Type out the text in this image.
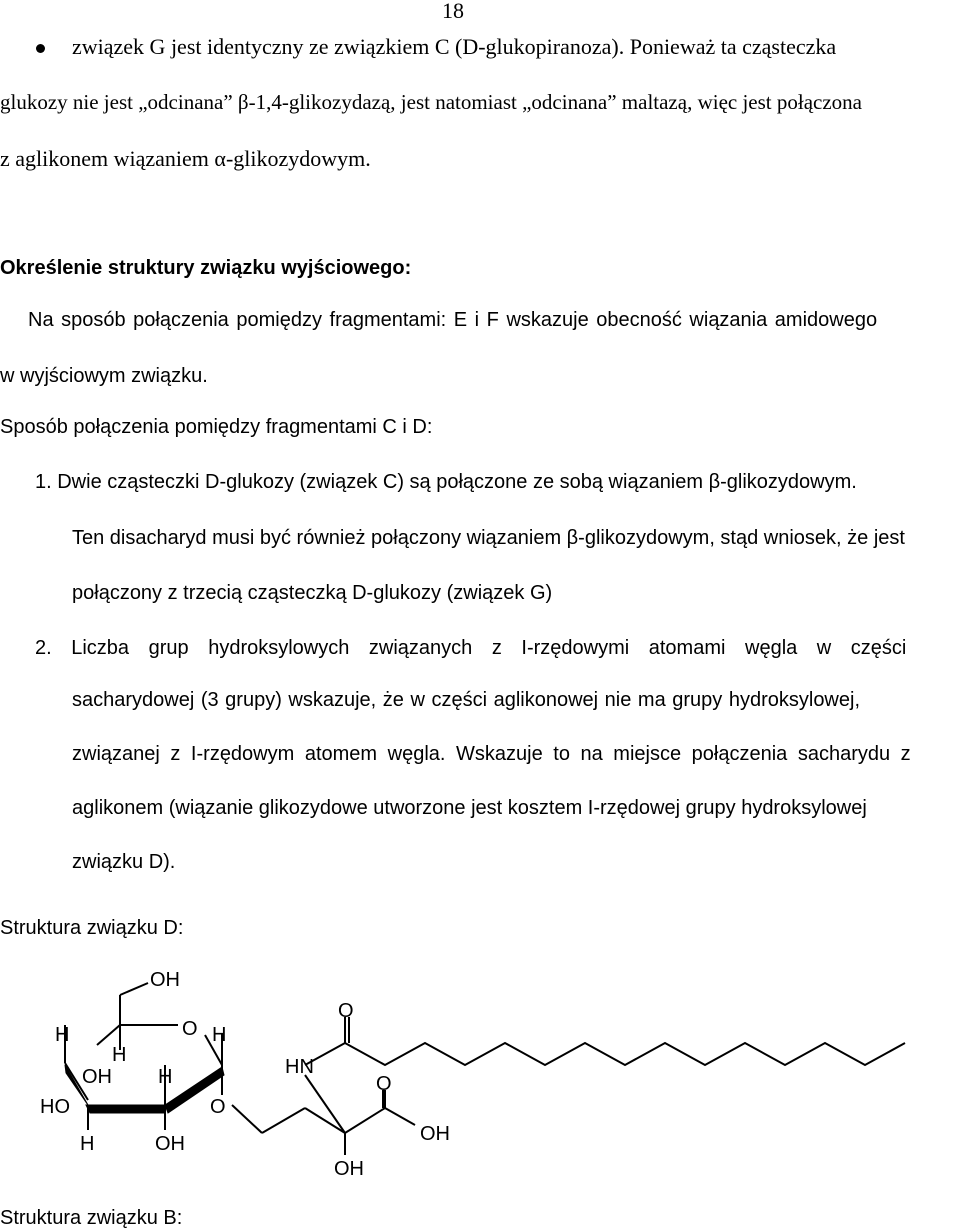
18
związek G jest identyczny ze związkiem C (D-glukopiranoza). Ponieważ ta cząsteczka
glukozy nie jest „odcinana” β-1,4-glikozydazą, jest natomiast „odcinana” maltazą, więc jest połączona
z aglikonem wiązaniem α-glikozydowym.
Określenie struktury związku wyjściowego:
Na sposób połączenia pomiędzy fragmentami: E i F wskazuje obecność wiązania amidowego
w wyjściowym związku.
Sposób połączenia pomiędzy fragmentami C i D:
1. Dwie cząsteczki D-glukozy (związek C) są połączone ze sobą wiązaniem β-glikozydowym.
Ten disacharyd musi być również połączony wiązaniem β-glikozydowym, stąd wniosek, że jest
połączony z trzecią cząsteczką D-glukozy (związek G)
2. Liczba grup hydroksylowych związanych z I-rzędowymi atomami węgla w części
sacharydowej (3 grupy) wskazuje, że w części aglikonowej nie ma grupy hydroksylowej,
związanej z I-rzędowym atomem węgla. Wskazuje to na miejsce połączenia sacharydu z
aglikonem (wiązanie glikozydowe utworzone jest kosztem I-rzędowej grupy hydroksylowej
związku D).
Struktura związku D:
OH
H	O H
H
OH H
HO	O
H	OH
O
HN
O
OH
OH
Struktura związku B:
